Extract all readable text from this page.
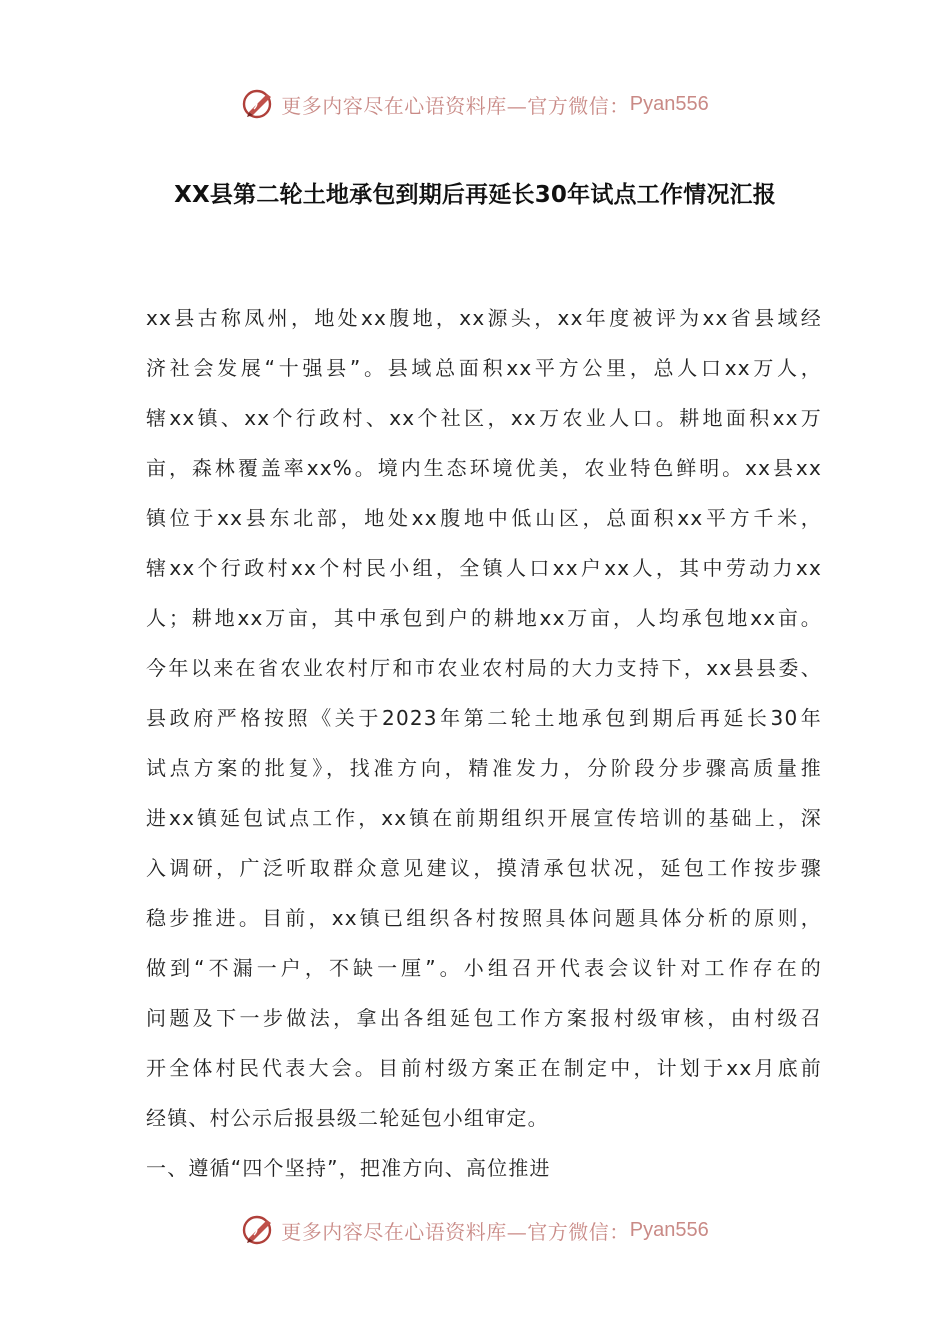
更多内容尽在心语资料库—官方微信： Pyan556
XX县第二轮土地承包到期后再延长30年试点工作情况汇报
xx县古称凤州，地处xx腹地，xx源头，xx年度被评为xx省县域经
济社会发展“十强县”。县域总面积xx平方公里，总人口xx万人，
辖xx镇、xx个行政村、xx个社区，xx万农业人口。耕地面积xx万
亩，森林覆盖率xx%。境内生态环境优美，农业特色鲜明。xx县xx
镇位于xx县东北部，地处xx腹地中低山区，总面积xx平方千米，
辖xx个行政村xx个村民小组，全镇人口xx户xx人，其中劳动力xx
人；耕地xx万亩，其中承包到户的耕地xx万亩，人均承包地xx亩。
今年以来在省农业农村厅和市农业农村局的大力支持下，xx县县委、
县政府严格按照《关于2023年第二轮土地承包到期后再延长30年
试点方案的批复》，找准方向，精准发力，分阶段分步骤高质量推
进xx镇延包试点工作，xx镇在前期组织开展宣传培训的基础上，深
入调研，广泛听取群众意见建议，摸清承包状况，延包工作按步骤
稳步推进。目前，xx镇已组织各村按照具体问题具体分析的原则，
做到“不漏一户，不缺一厘”。小组召开代表会议针对工作存在的
问题及下一步做法，拿出各组延包工作方案报村级审核，由村级召
开全体村民代表大会。目前村级方案正在制定中，计划于xx月底前
经镇、村公示后报县级二轮延包小组审定。
一、遵循“四个坚持”，把准方向、高位推进
更多内容尽在心语资料库—官方微信： Pyan556
